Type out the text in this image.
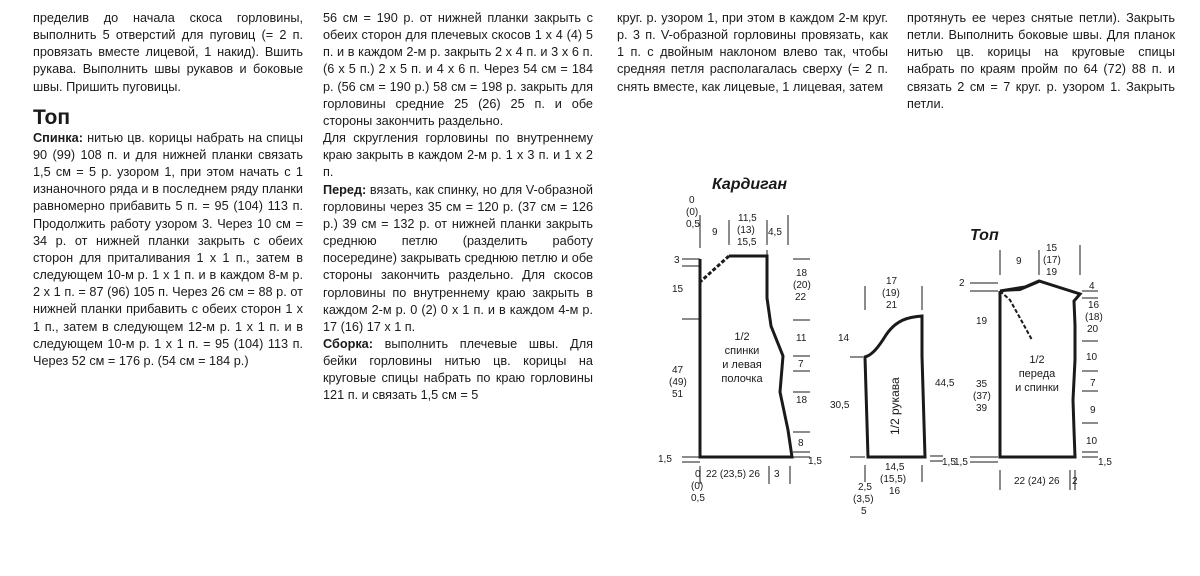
пределив до начала скоса горловины, выполнить 5 отверстий для пуговиц (= 2 п. провязать вместе лицевой, 1 накид). Вшить рукава. Выполнить швы рукавов и боковые швы. Пришить пуговицы.

Топ

Спинка: нитью цв. корицы набрать на спицы 90 (99) 108 п. и для нижней планки связать 1,5 см = 5 р. узором 1, при этом начать с 1 изнаночного ряда и в последнем ряду планки равномерно прибавить 5 п. = 95 (104) 113 п. Продолжить работу узором 3. Через 10 см = 34 р. от нижней планки закрыть с обеих сторон для приталивания 1 х 1 п., затем в следующем 10-м р. 1 х 1 п. и в каждом 8-м р. 2 х 1 п. = 87 (96) 105 п. Через 26 см = 88 р. от нижней планки прибавить с обеих сторон 1 х 1 п., затем в следующем 12-м р. 1 х 1 п. и в следующем 10-м р. 1 х 1 п. = 95 (104) 113 п. Через 52 см = 176 р. (54 см = 184 р.)

56 см = 190 р. от нижней планки закрыть с обеих сторон для плечевых скосов 1 х 4 (4) 5 п. и в каждом 2-м р. закрыть 2 х 4 п. и 3 х 6 п. (6 х 5 п.) 2 х 5 п. и 4 х 6 п. Через 54 см = 184 р. (56 см = 190 р.) 58 см = 198 р. закрыть для горловины средние 25 (26) 25 п. и обе стороны закончить раздельно.

Для скругления горловины по внутреннему краю закрыть в каждом 2-м р. 1 х 3 п. и 1 х 2 п.

Перед: вязать, как спинку, но для V-образной горловины через 35 см = 120 р. (37 см = 126 р.) 39 см = 132 р. от нижней планки закрыть среднюю петлю (разделить работу посередине) закрывать среднюю петлю и обе стороны закончить раздельно. Для скосов горловины по внутреннему краю закрыть в каждом 2-м р. 0 (2) 0 х 1 п. и в каждом 4-м р. 17 (16) 17 х 1 п.

Сборка: выполнить плечевые швы. Для бейки горловины нитью цв. корицы на круговые спицы набрать по краю горловины 121 п. и связать 1,5 см = 5

круг. р. узором 1, при этом в каждом 2-м круг. р. 3 п. V-образной горловины провязать, как 1 п. с двойным наклоном влево так, чтобы средняя петля располагалась сверху (= 2 п. снять вместе, как лицевые, 1 лицевая, затем

протянуть ее через снятые петли). Закрыть петли. Выполнить боковые швы. Для планок нитью цв. корицы на круговые спицы набрать по краям пройм по 64 (72) 88 п. и связать 2 см = 7 круг. р. узором 1. Закрыть петли.

Кардиган
Топ
0
(0)
0,5
9
11,5
(13)
15,5
4,5
3
15
47
(49)
51
1,5
18
(20)
22
11
7
18
8
1,5
0
(0)
0,5
22 (23,5) 26 3
1/2
спинки
и левая
полочка
17
(19)
21
14
30,5
44,5
2,5
(3,5)
5
14,5
(15,5)
16
1,5
1/2 рукава
15
(17)
19
9
2
19
35
(37)
39
1,5
4
16
(18)
20
10
7
9
10
1,5
22 (24) 26 2
1/2
переда
и спинки
